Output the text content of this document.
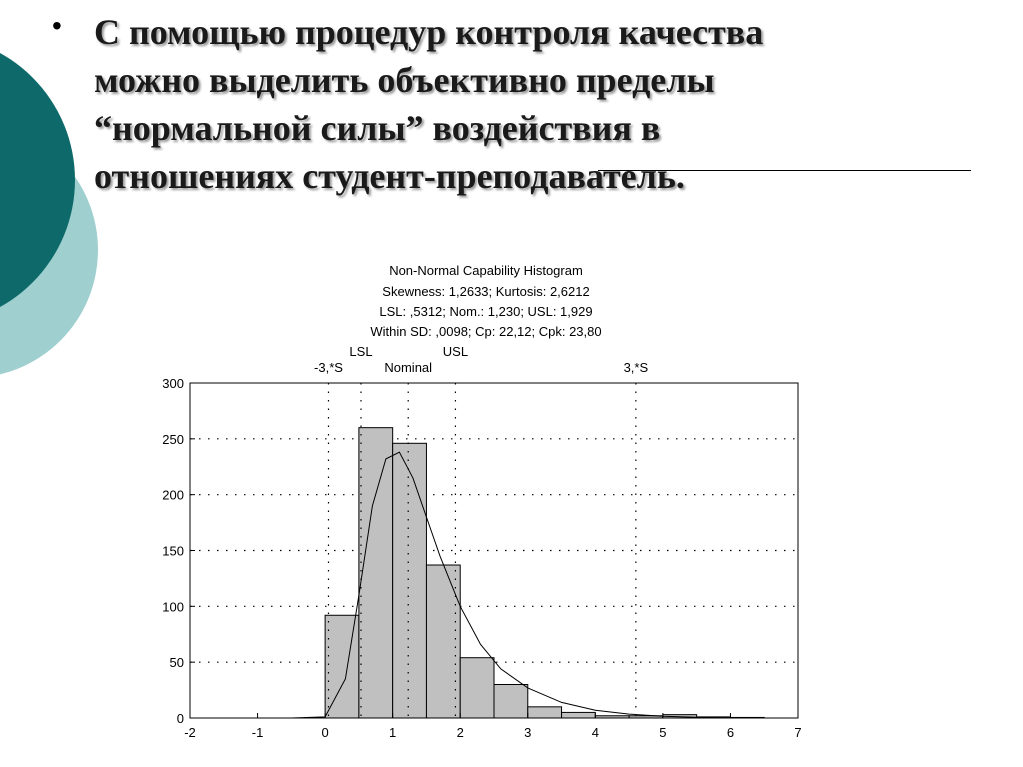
• С помощью процедур контроля качества
можно выделить объективно пределы
“нормальной силы” воздействия в
отношениях студент-преподаватель.
Non-Normal Capability Histogram
Skewness: 1,2633; Kurtosis: 2,6212
LSL: ,5312; Nom.: 1,230; USL: 1,929
Within SD: ,0098; Cp: 22,12; Cpk: 23,80
-3,*S
LSL
Nominal
USL
3,*S
0
50
100
150
200
250
300
-2	-1	0	1	2	3	4	5	6	7
